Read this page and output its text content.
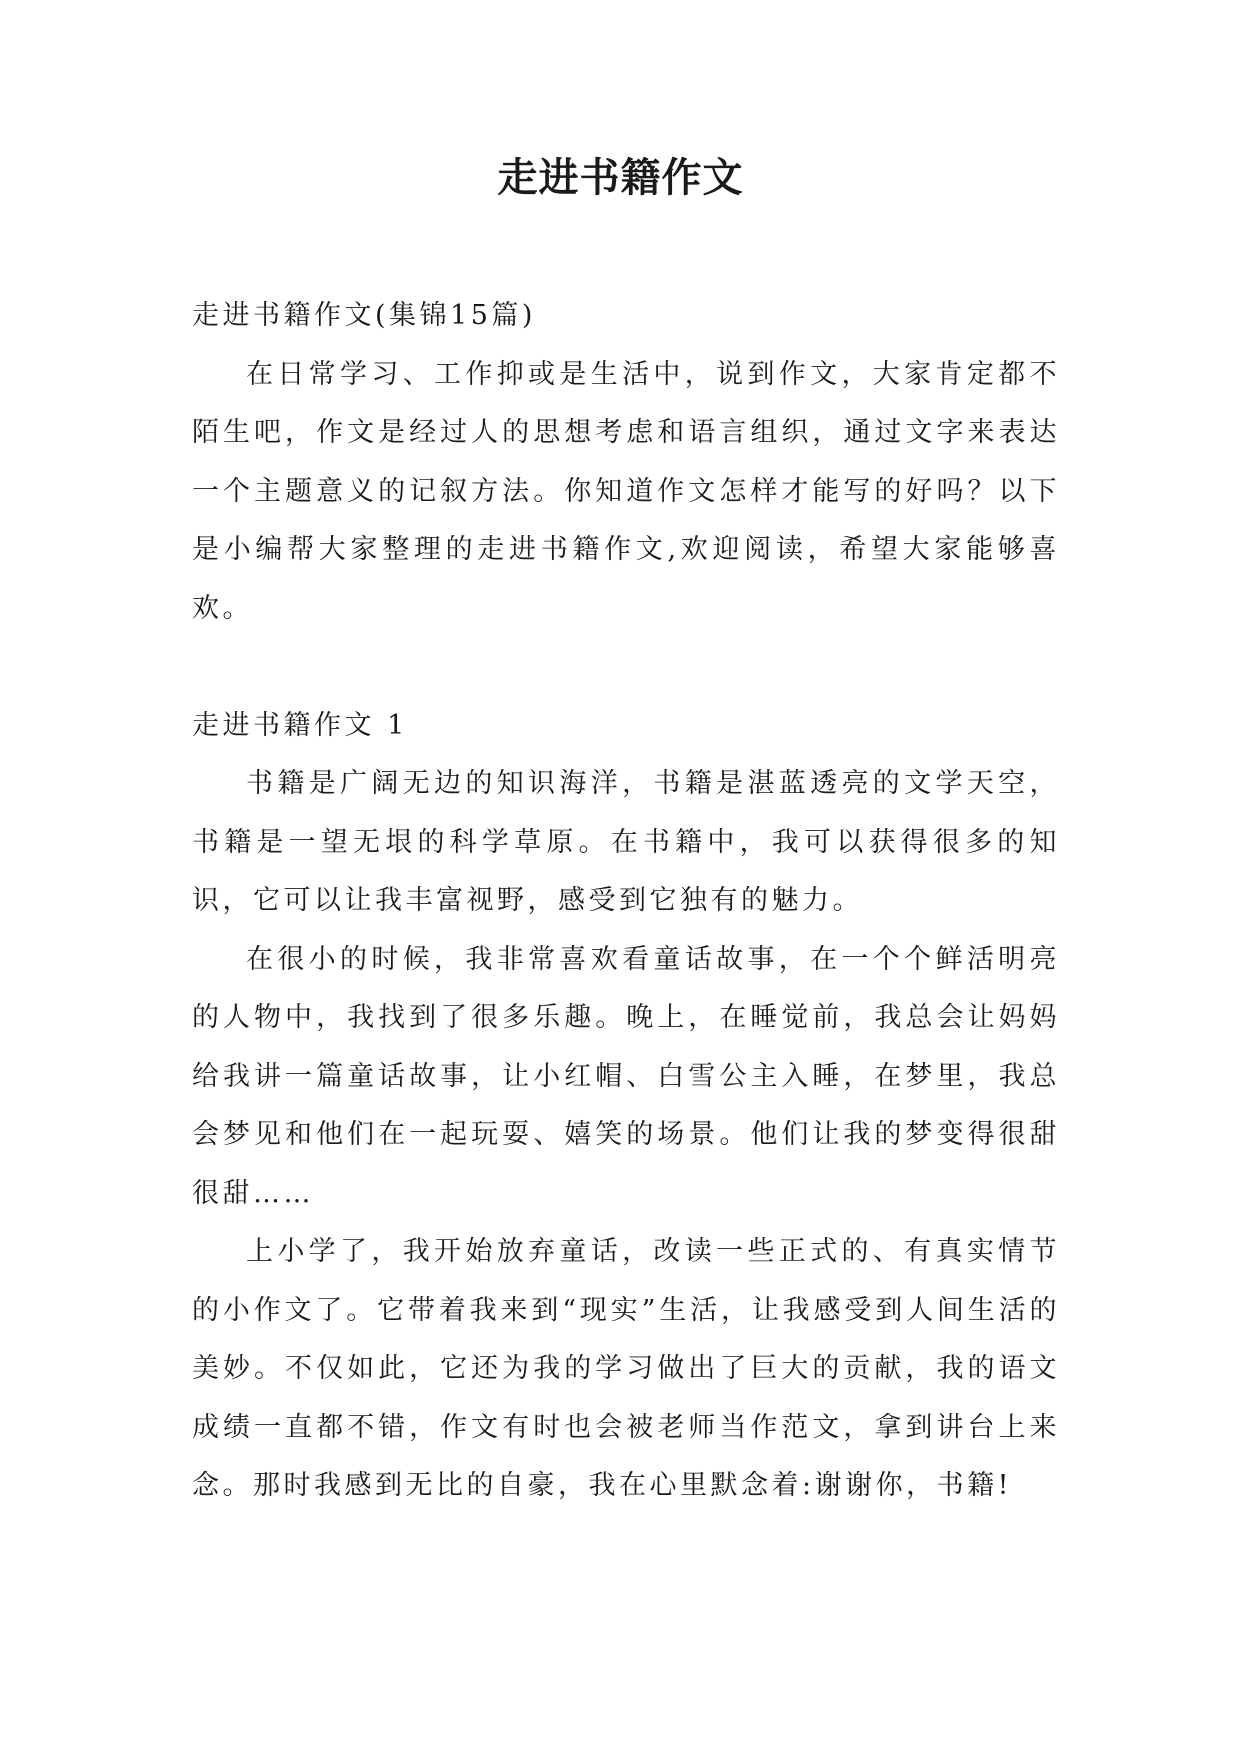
走进书籍作文

走进书籍作文(集锦15篇)

在日常学习、工作抑或是生活中，说到作文，大家肯定都不陌生吧，作文是经过人的思想考虑和语言组织，通过文字来表达一个主题意义的记叙方法。你知道作文怎样才能写的好吗？以下是小编帮大家整理的走进书籍作文,欢迎阅读，希望大家能够喜欢。

走进书籍作文 1

书籍是广阔无边的知识海洋，书籍是湛蓝透亮的文学天空，书籍是一望无垠的科学草原。在书籍中，我可以获得很多的知识，它可以让我丰富视野，感受到它独有的魅力。

在很小的时候，我非常喜欢看童话故事，在一个个鲜活明亮的人物中，我找到了很多乐趣。晚上，在睡觉前，我总会让妈妈给我讲一篇童话故事，让小红帽、白雪公主入睡，在梦里，我总会梦见和他们在一起玩耍、嬉笑的场景。他们让我的梦变得很甜很甜……

上小学了，我开始放弃童话，改读一些正式的、有真实情节的小作文了。它带着我来到“现实”生活，让我感受到人间生活的美妙。不仅如此，它还为我的学习做出了巨大的贡献，我的语文成绩一直都不错，作文有时也会被老师当作范文，拿到讲台上来念。那时我感到无比的自豪，我在心里默念着:谢谢你，书籍!
